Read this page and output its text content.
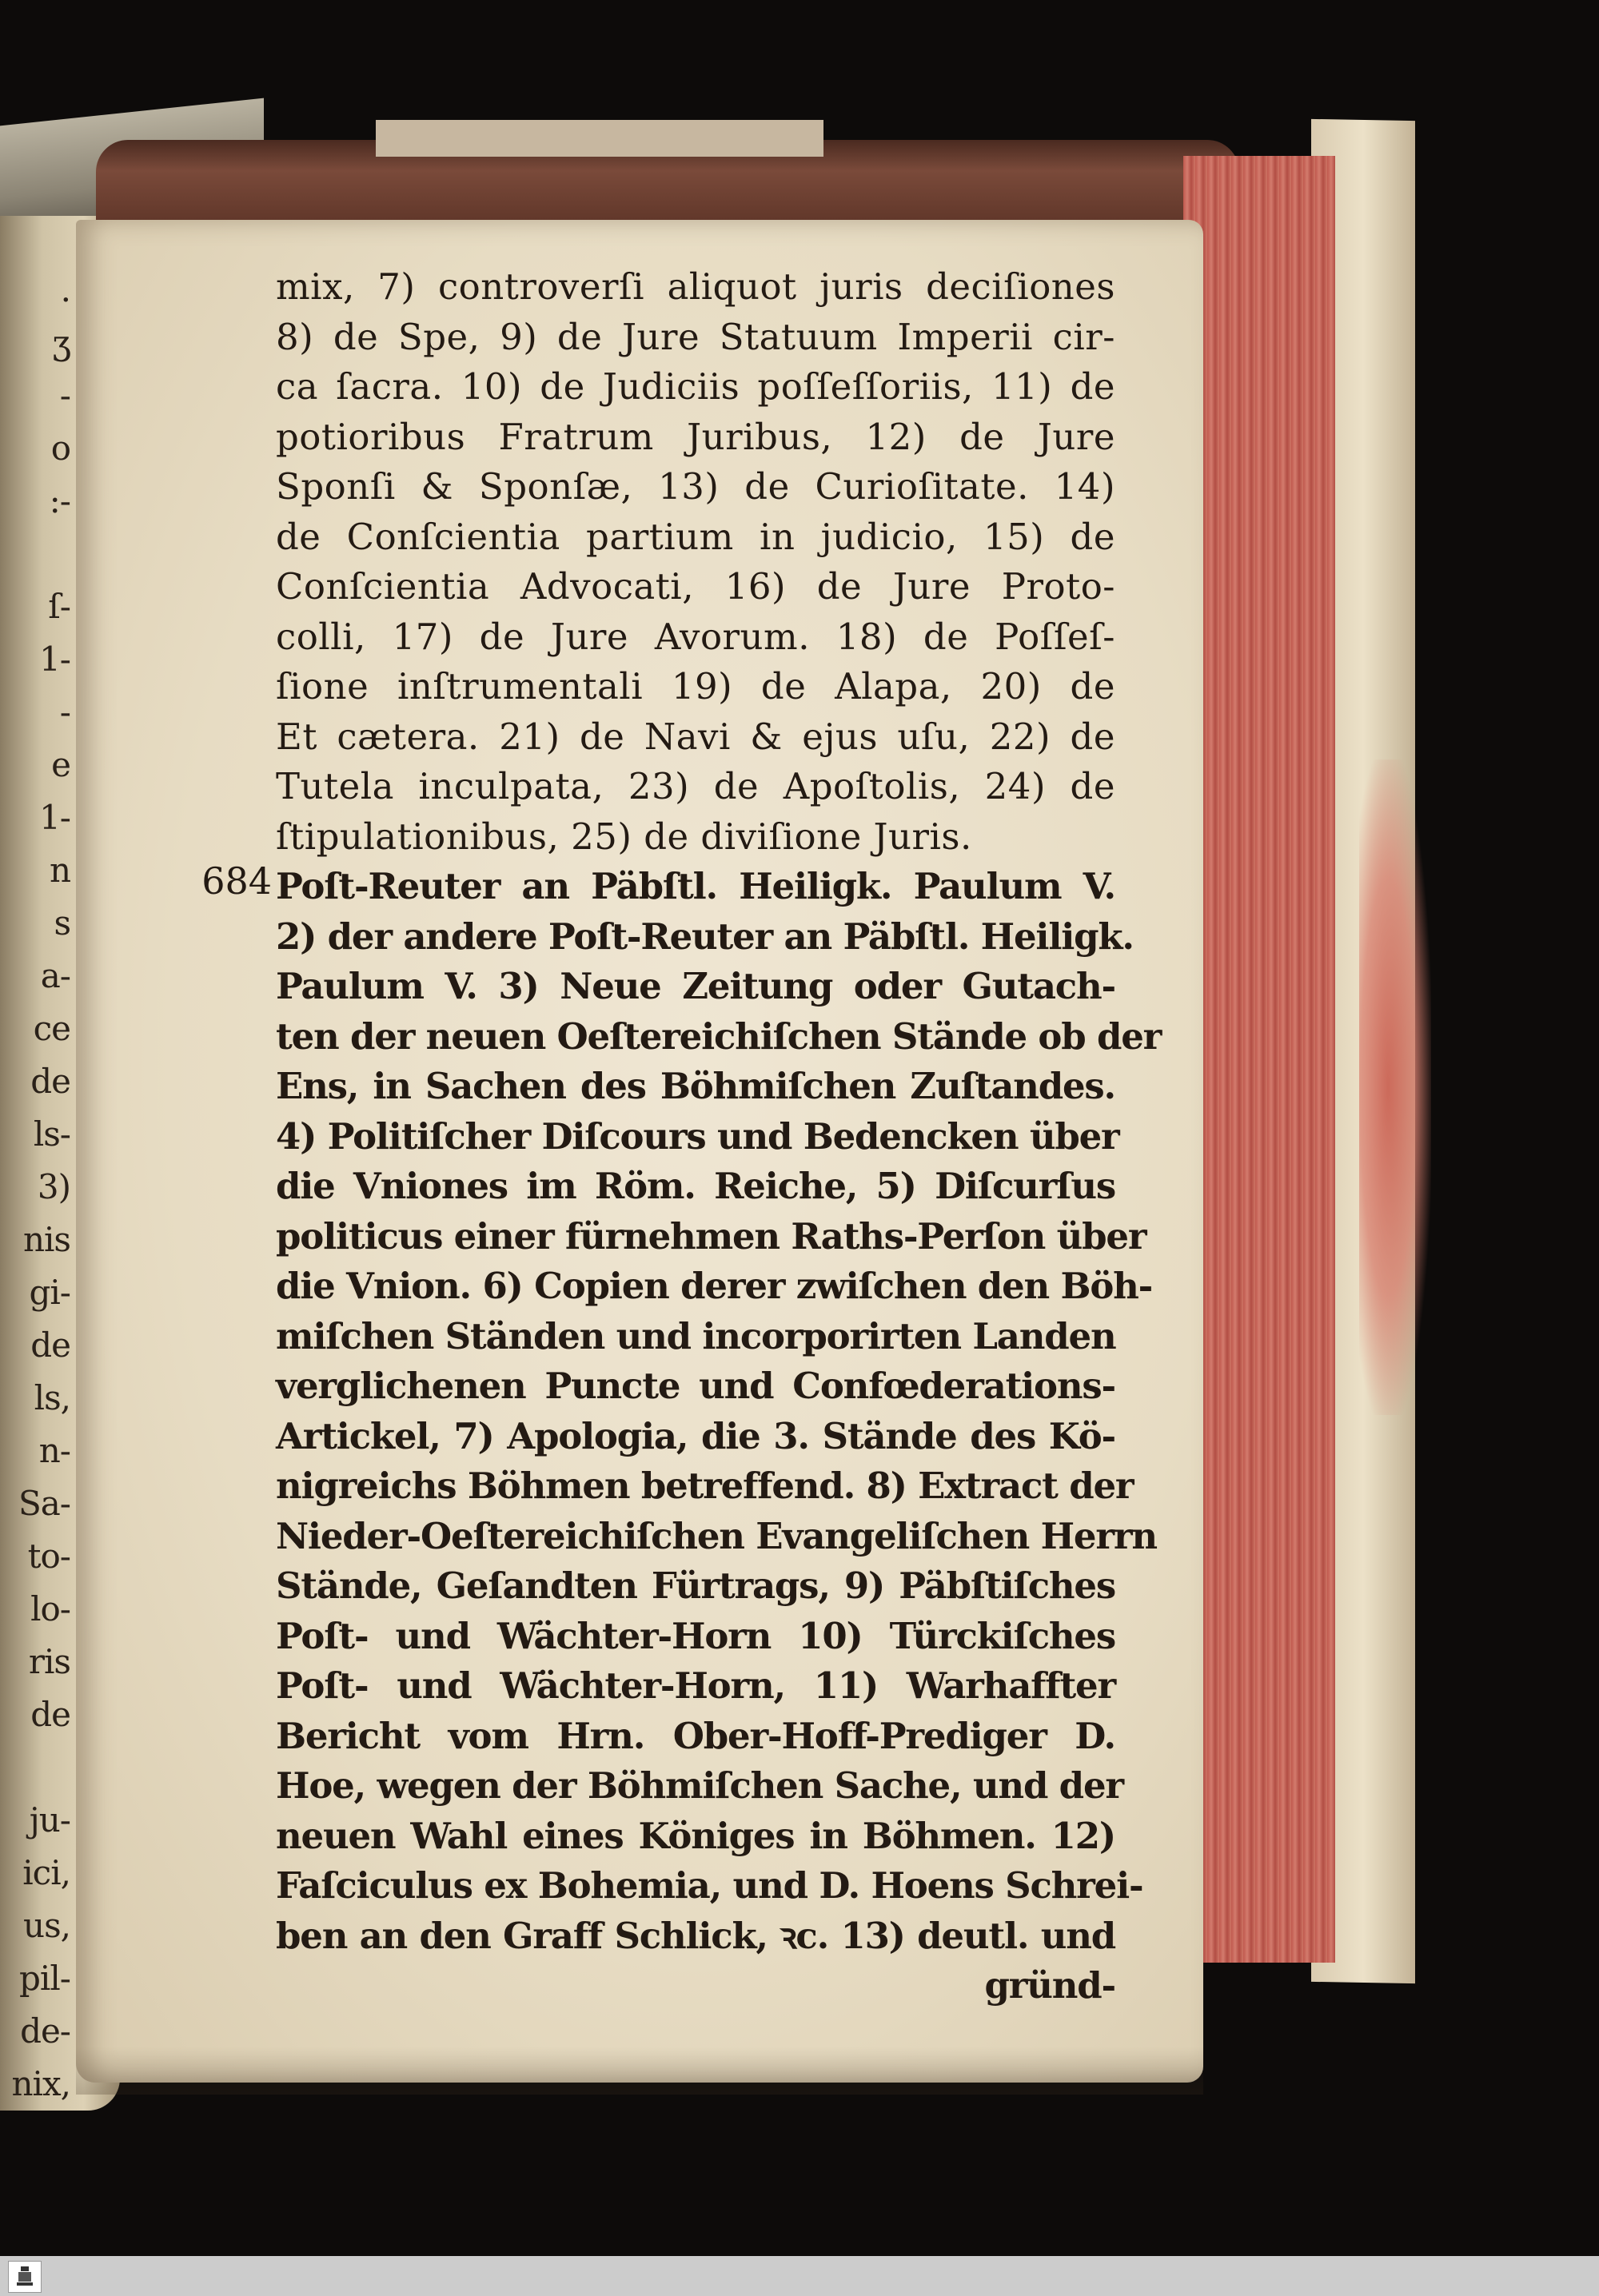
.
ʒ
-
o
:-
ſ-
1-
-
e
1-
n
s
a-
ce
de
ls-
3)
nis
gi-
de
ls,
n-
Sa-
to-
lo-
ris
de
ju-
ici,
us,
pil-
de-
nix,
684
mix, 7) controverſi aliquot juris deciſiones
8) de Spe, 9) de Jure Statuum Imperii cir-
ca ſacra. 10) de Judiciis poſſeſſoriis, 11) de
potioribus Fratrum Juribus, 12) de Jure
Sponſi & Sponſæ, 13) de Curioſitate. 14)
de Conſcientia partium in judicio, 15) de
Conſcientia Advocati, 16) de Jure Proto-
colli, 17) de Jure Avorum. 18) de Poſſeſ-
ſione inſtrumentali 19) de Alapa, 20) de
Et cætera. 21) de Navi & ejus uſu, 22) de
Tutela inculpata, 23) de Apoſtolis, 24) de
ſtipulationibus, 25) de diviſione Juris.
Poſt-Reuter an Päbſtl. Heiligk. Paulum V.
2) der andere Poſt-Reuter an Päbſtl. Heiligk.
Paulum V. 3) Neue Zeitung oder Gutach-
ten der neuen Oeſtereichiſchen Stände ob der
Ens, in Sachen des Böhmiſchen Zuſtandes.
4) Politiſcher Diſcours und Bedencken über
die Vniones im Röm. Reiche, 5) Diſcurſus
politicus einer fürnehmen Raths-Perſon über
die Vnion. 6) Copien derer zwiſchen den Böh-
miſchen Ständen und incorporirten Landen
verglichenen Puncte und Confœderations-
Artickel, 7) Apologia, die 3. Stände des Kö-
nigreichs Böhmen betreffend. 8) Extract der
Nieder-Oeſtereichiſchen Evangeliſchen Herrn
Stände, Geſandten Fürtrags, 9) Päbſtiſches
Poſt- und Wächter-Horn 10) Türckiſches
Poſt- und Wächter-Horn, 11) Warhaffter
Bericht vom Hrn. Ober-Hoff-Prediger D.
Hoe, wegen der Böhmiſchen Sache, und der
neuen Wahl eines Königes in Böhmen. 12)
Faſciculus ex Bohemia, und D. Hoens Schrei-
ben an den Graff Schlick, ꝛc. 13) deutl. und
gründ-
